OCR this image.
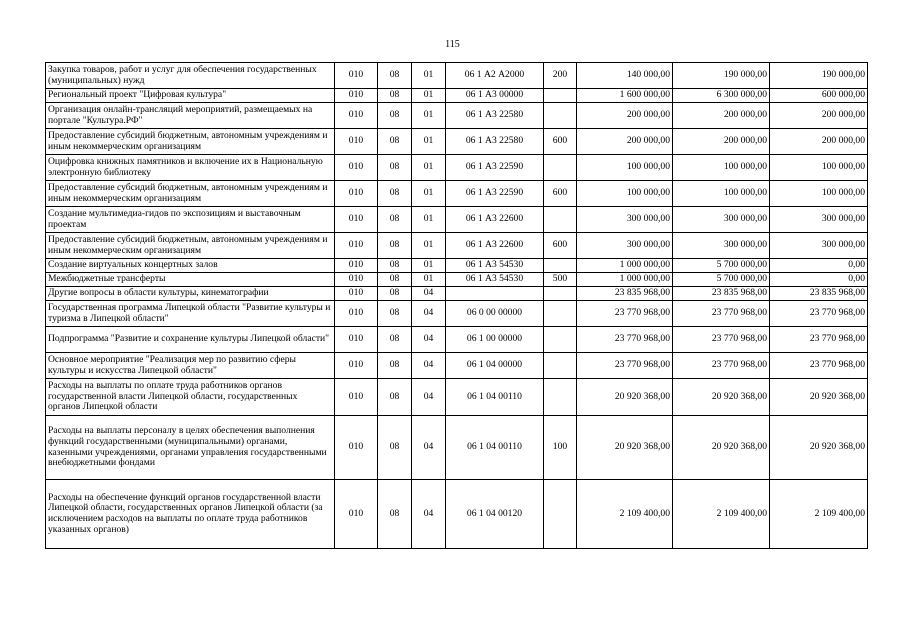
115
Закупка товаров, работ и услуг для обеспечения государственных (муниципальных) нужд	010	08	01	06 1 А2 А2000	200	140 000,00	190 000,00	190 000,00
Региональный проект "Цифровая культура"	010	08	01	06 1 А3 00000		1 600 000,00	6 300 000,00	600 000,00
Организация онлайн-трансляций мероприятий, размещаемых на портале "Культура.РФ"	010	08	01	06 1 А3 22580		200 000,00	200 000,00	200 000,00
Предоставление субсидий бюджетным, автономным учреждениям и иным некоммерческим организациям	010	08	01	06 1 А3 22580	600	200 000,00	200 000,00	200 000,00
Оцифровка книжных памятников и включение их в Национальную электронную библиотеку	010	08	01	06 1 А3 22590		100 000,00	100 000,00	100 000,00
Предоставление субсидий бюджетным, автономным учреждениям и иным некоммерческим организациям	010	08	01	06 1 А3 22590	600	100 000,00	100 000,00	100 000,00
Создание мультимедиа-гидов по экспозициям и выставочным проектам	010	08	01	06 1 А3 22600		300 000,00	300 000,00	300 000,00
Предоставление субсидий бюджетным, автономным учреждениям и иным некоммерческим организациям	010	08	01	06 1 А3 22600	600	300 000,00	300 000,00	300 000,00
Создание виртуальных концертных залов	010	08	01	06 1 А3 54530		1 000 000,00	5 700 000,00	0,00
Межбюджетные трансферты	010	08	01	06 1 А3 54530	500	1 000 000,00	5 700 000,00	0,00
Другие вопросы в области культуры, кинематографии	010	08	04			23 835 968,00	23 835 968,00	23 835 968,00
Государственная программа Липецкой области "Развитие культуры и туризма в Липецкой области"	010	08	04	06 0 00 00000		23 770 968,00	23 770 968,00	23 770 968,00
Подпрограмма "Развитие и сохранение культуры Липецкой области"	010	08	04	06 1 00 00000		23 770 968,00	23 770 968,00	23 770 968,00
Основное мероприятие "Реализация мер по развитию сферы культуры и искусства Липецкой области"	010	08	04	06 1 04 00000		23 770 968,00	23 770 968,00	23 770 968,00
Расходы на выплаты по оплате труда работников органов государственной власти Липецкой области, государственных органов Липецкой области	010	08	04	06 1 04 00110		20 920 368,00	20 920 368,00	20 920 368,00
Расходы на выплаты персоналу в целях обеспечения выполнения функций государственными (муниципальными) органами, казенными учреждениями, органами управления государственными внебюджетными фондами	010	08	04	06 1 04 00110	100	20 920 368,00	20 920 368,00	20 920 368,00
Расходы на обеспечение функций органов государственной власти Липецкой области, государственных органов Липецкой области (за исключением расходов на выплаты по оплате труда работников указанных органов)	010	08	04	06 1 04 00120		2 109 400,00	2 109 400,00	2 109 400,00
